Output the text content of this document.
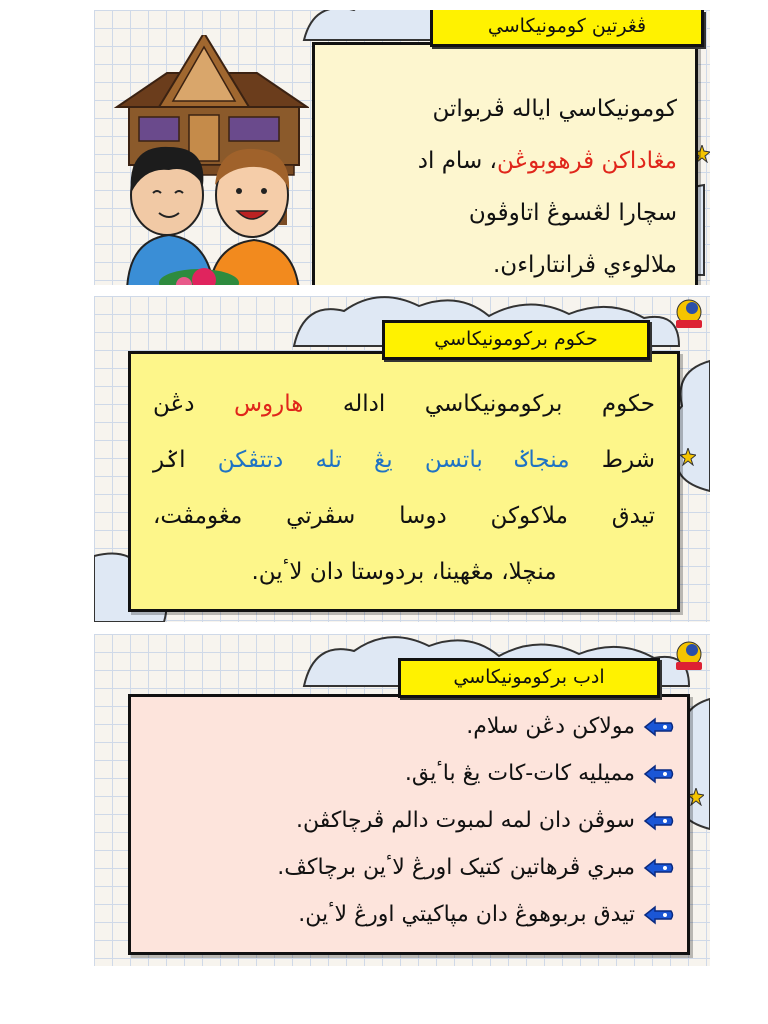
کومونيکاسي اياله ڤربواتن
مڠاداکن ڤرهوبوڠن، سام اد
سچارا لڠسوڠ اتاوڤون
ملالوءي ڤرانتاراءن.
ڤڠرتين کومونيکاسي
حکوم برکومونيکاسي اداله هاروس دڠن
شرط منجاݢ باتسن يڠ تله دتتڤکن اݢر
تيدق ملاکوکن دوسا سڤرتي مڠومڤت،
منچلا، مڠهينا، بردوستا دان لاٴين.
حکوم برکومونيکاسي
مولاکن دڠن سلام.
مميليه کات-کات يڠ باٴيق.
سوڤن دان لمه لمبوت دالم ڤرچاکڤن.
مبري ڤرهاتين کتيک اورڠ لاٴين برچاکڤ.
تيدق بربوهوڠ دان مڽاکيتي اورڠ لاٴين.
ادب برکومونيکاسي
